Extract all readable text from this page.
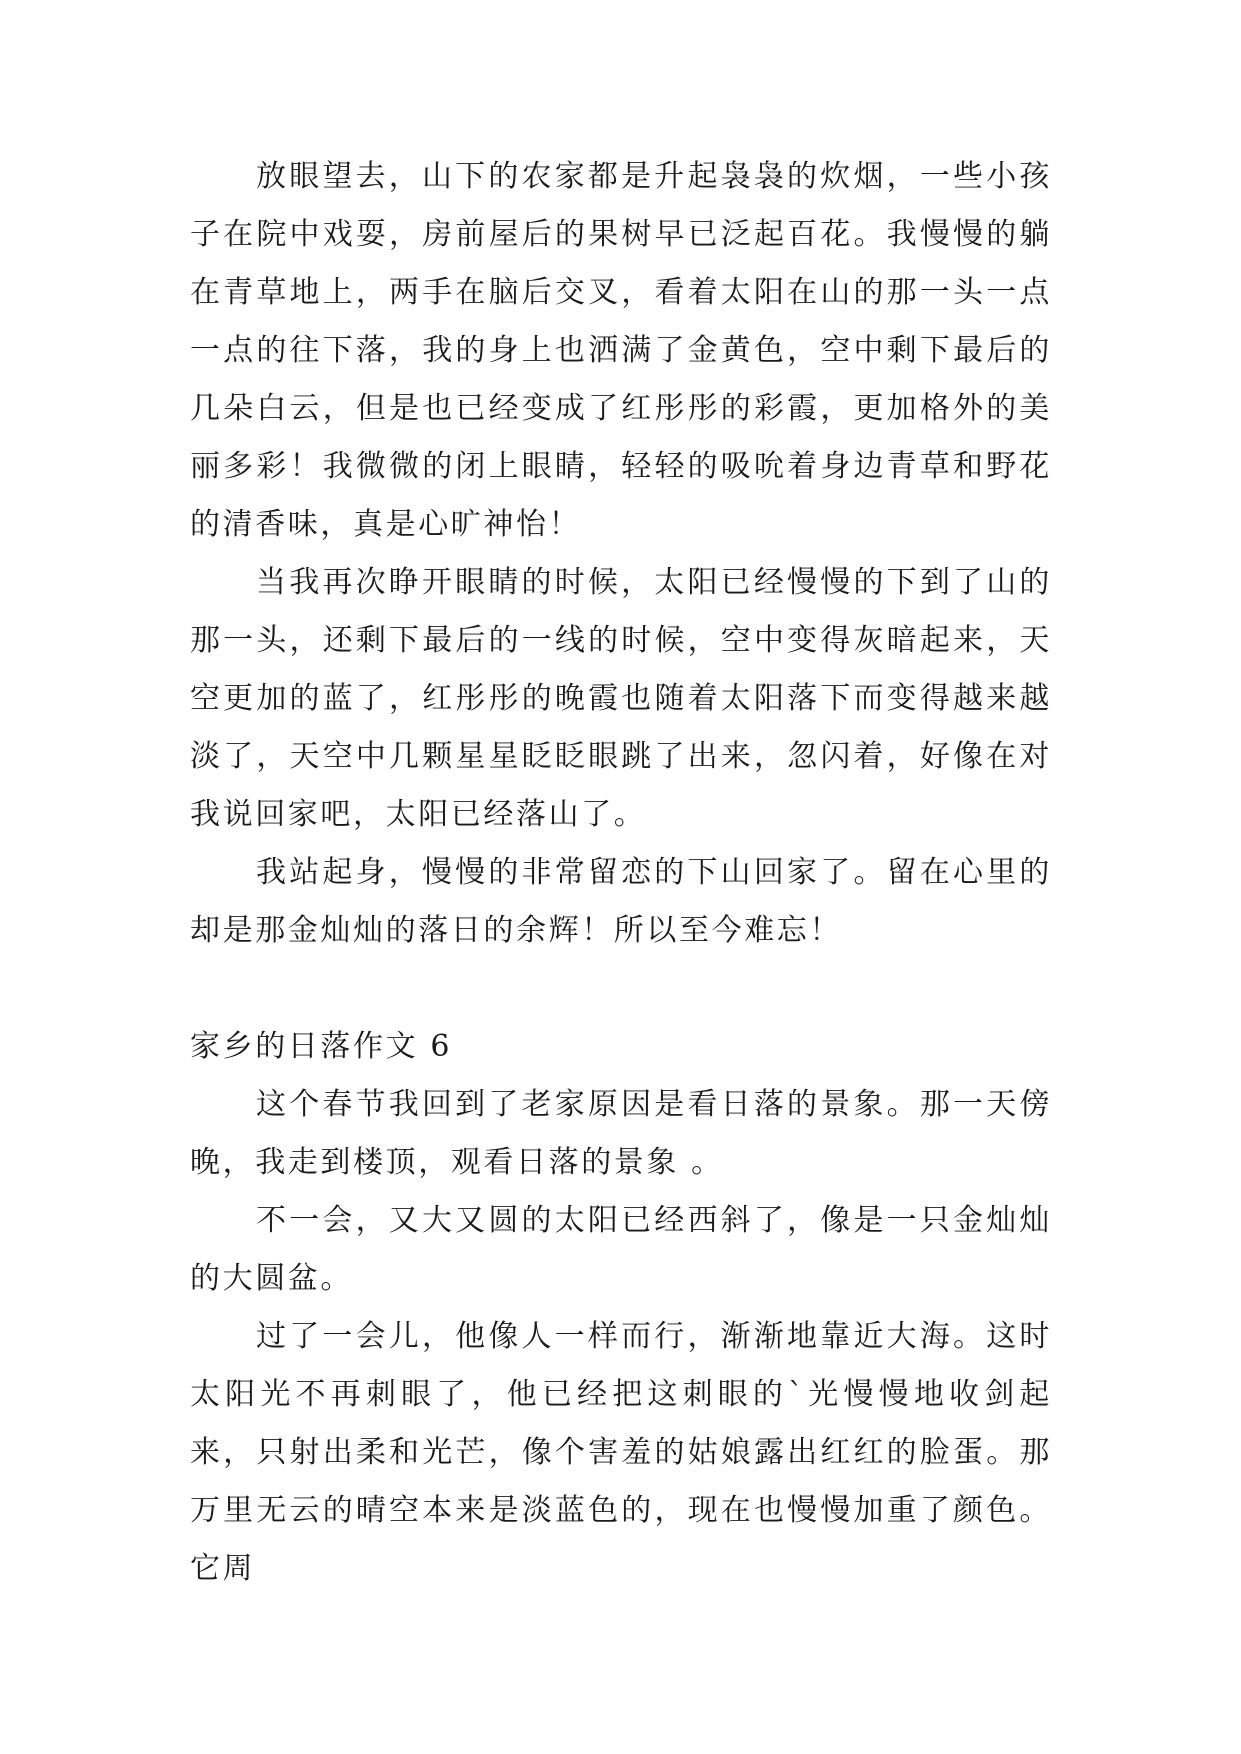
放眼望去，山下的农家都是升起袅袅的炊烟，一些小孩子在院中戏耍，房前屋后的果树早已泛起百花。我慢慢的躺在青草地上，两手在脑后交叉，看着太阳在山的那一头一点一点的往下落，我的身上也洒满了金黄色，空中剩下最后的几朵白云，但是也已经变成了红彤彤的彩霞，更加格外的美丽多彩！我微微的闭上眼睛，轻轻的吸吮着身边青草和野花的清香味，真是心旷神怡！

当我再次睁开眼睛的时候，太阳已经慢慢的下到了山的那一头，还剩下最后的一线的时候，空中变得灰暗起来，天空更加的蓝了，红彤彤的晚霞也随着太阳落下而变得越来越淡了，天空中几颗星星眨眨眼跳了出来，忽闪着，好像在对我说回家吧，太阳已经落山了。

我站起身，慢慢的非常留恋的下山回家了。留在心里的却是那金灿灿的落日的余辉！所以至今难忘！

家乡的日落作文 6

这个春节我回到了老家原因是看日落的景象。那一天傍晚，我走到楼顶，观看日落的景象 。

不一会，又大又圆的太阳已经西斜了，像是一只金灿灿的大圆盆。

过了一会儿，他像人一样而行，渐渐地靠近大海。这时太阳光不再刺眼了，他已经把这刺眼的`光慢慢地收剑起来，只射出柔和光芒，像个害羞的姑娘露出红红的脸蛋。那万里无云的晴空本来是淡蓝色的，现在也慢慢加重了颜色。它周
